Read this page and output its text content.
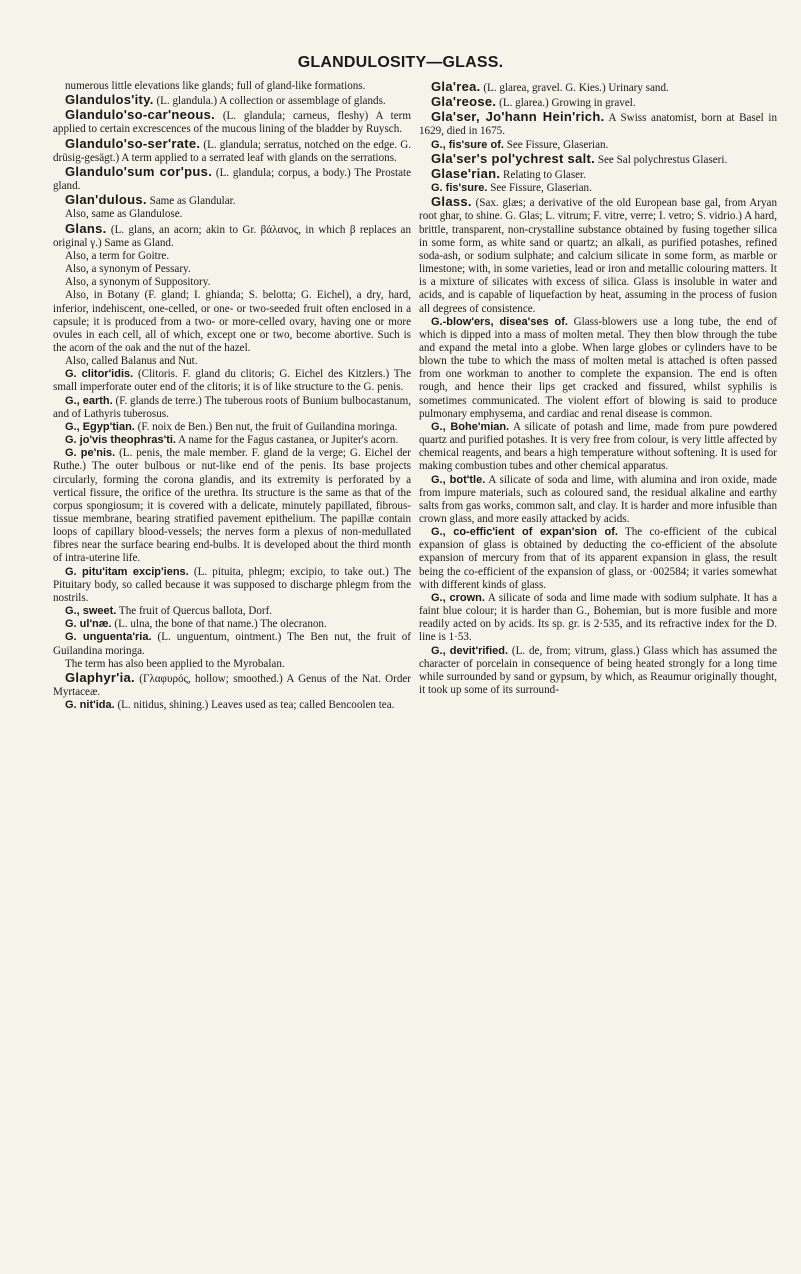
GLANDULOSITY—GLASS.

numerous little elevations like glands; full of gland-like formations.

Glandulos'ity. (L. glandula.) A collection or assemblage of glands.

Glandulo'so-car'neous. (L. glandula; carneus, fleshy) A term applied to certain excrescences of the mucous lining of the bladder by Ruysch.

Glandulo'so-ser'rate. (L. glandula; serratus, notched on the edge. G. drüsig-gesägt.) A term applied to a serrated leaf with glands on the serrations.

Glandulo'sum cor'pus. (L. glandula; corpus, a body.) The Prostate gland.

Glan'dulous. Same as Glandular.

Also, same as Glandulose.

Glans. (L. glans, an acorn; akin to Gr. βάλανος, in which β replaces an original γ.) Same as Gland.

Also, a term for Goitre.

Also, a synonym of Pessary.

Also, a synonym of Suppository.

Also, in Botany (F. gland; I. ghianda; S. belotta; G. Eichel), a dry, hard, inferior, indehiscent, one-celled, or one- or two-seeded fruit often enclosed in a capsule; it is produced from a two- or more-celled ovary, having one or more ovules in each cell, all of which, except one or two, become abortive. Such is the acorn of the oak and the nut of the hazel.

Also, called Balanus and Nut.

G. clitor'idis. (Clitoris. F. gland du clitoris; G. Eichel des Kitzlers.) The small imperforate outer end of the clitoris; it is of like structure to the G. penis.

G., earth. (F. glands de terre.) The tuberous roots of Bunium bulbocastanum, and of Lathyris tuberosus.

G., Egyp'tian. (F. noix de Ben.) Ben nut, the fruit of Guilandina moringa.

G. jo'vis theophras'ti. A name for the Fagus castanea, or Jupiter's acorn.

G. pe'nis. (L. penis, the male member. F. gland de la verge; G. Eichel der Ruthe.) The outer bulbous or nut-like end of the penis. Its base projects circularly, forming the corona glandis, and its extremity is perforated by a vertical fissure, the orifice of the urethra. Its structure is the same as that of the corpus spongiosum; it is covered with a delicate, minutely papillated, fibrous-tissue membrane, bearing stratified pavement epithelium. The papillæ contain loops of capillary blood-vessels; the nerves form a plexus of non-medullated fibres near the surface bearing end-bulbs. It is developed about the third month of intra-uterine life.

G. pitu'itam excip'iens. (L. pituita, phlegm; excipio, to take out.) The Pituitary body, so called because it was supposed to discharge phlegm from the nostrils.

G., sweet. The fruit of Quercus ballota, Dorf.

G. ul'næ. (L. ulna, the bone of that name.) The olecranon.

G. unguenta'ria. (L. unguentum, ointment.) The Ben nut, the fruit of Guilandina moringa.

The term has also been applied to the Myrobalan.

Glaphyr'ia. (Γλαφυρός, hollow; smoothed.) A Genus of the Nat. Order Myrtaceæ.

G. nit'ida. (L. nitidus, shining.) Leaves used as tea; called Bencoolen tea.

Gla'rea. (L. glarea, gravel. G. Kies.) Urinary sand.

Gla'reose. (L. glarea.) Growing in gravel.

Gla'ser, Jo'hann Hein'rich. A Swiss anatomist, born at Basel in 1629, died in 1675.

G., fis'sure of. See Fissure, Glaserian.

Gla'ser's pol'ychrest salt. See Sal polychrestus Glaseri.

Glase'rian. Relating to Glaser.

G. fis'sure. See Fissure, Glaserian.

Glass. (Sax. glæs; a derivative of the old European base gal, from Aryan root ghar, to shine. G. Glas; L. vitrum; F. vitre, verre; I. vetro; S. vidrio.) A hard, brittle, transparent, non-crystalline substance obtained by fusing together silica in some form, as white sand or quartz; an alkali, as purified potashes, refined soda-ash, or sodium sulphate; and calcium silicate in some form, as marble or limestone; with, in some varieties, lead or iron and metallic colouring matters. It is a mixture of silicates with excess of silica. Glass is insoluble in water and acids, and is capable of liquefaction by heat, assuming in the process of fusion all degrees of consistence.

G.-blow'ers, disea'ses of. Glass-blowers use a long tube, the end of which is dipped into a mass of molten metal. They then blow through the tube and expand the metal into a globe. When large globes or cylinders have to be blown the tube to which the mass of molten metal is attached is often passed from one workman to another to complete the expansion. The end is often rough, and hence their lips get cracked and fissured, whilst syphilis is sometimes communicated. The violent effort of blowing is said to produce pulmonary emphysema, and cardiac and renal disease is common.

G., Bohe'mian. A silicate of potash and lime, made from pure powdered quartz and purified potashes. It is very free from colour, is very little affected by chemical reagents, and bears a high temperature without softening. It is used for making combustion tubes and other chemical apparatus.

G., bot'tle. A silicate of soda and lime, with alumina and iron oxide, made from impure materials, such as coloured sand, the residual alkaline and earthy salts from gas works, common salt, and clay. It is harder and more infusible than crown glass, and more easily attacked by acids.

G., co-effic'ient of expan'sion of. The co-efficient of the cubical expansion of glass is obtained by deducting the co-efficient of the absolute expansion of mercury from that of its apparent expansion in glass, the result being the co-efficient of the expansion of glass, or ·002584; it varies somewhat with different kinds of glass.

G., crown. A silicate of soda and lime made with sodium sulphate. It has a faint blue colour; it is harder than G., Bohemian, but is more fusible and more readily acted on by acids. Its sp. gr. is 2·535, and its refractive index for the D. line is 1·53.

G., devit'rified. (L. de, from; vitrum, glass.) Glass which has assumed the character of porcelain in consequence of being heated strongly for a long time while surrounded by sand or gypsum, by which, as Reaumur originally thought, it took up some of its surround-
